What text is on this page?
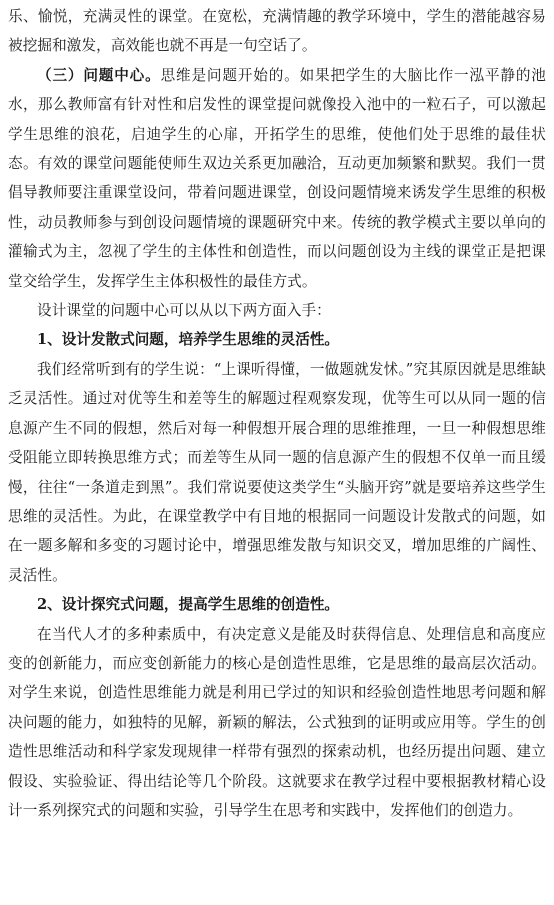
乐、愉悦，充满灵性的课堂。在宽松，充满情趣的教学环境中，学生的潜能越容易被挖掘和激发，高效能也就不再是一句空话了。

（三）问题中心。思维是问题开始的。如果把学生的大脑比作一泓平静的池水，那么教师富有针对性和启发性的课堂提问就像投入池中的一粒石子，可以激起学生思维的浪花，启迪学生的心扉，开拓学生的思维，使他们处于思维的最佳状态。有效的课堂问题能使师生双边关系更加融洽，互动更加频繁和默契。我们一贯倡导教师要注重课堂设问，带着问题进课堂，创设问题情境来诱发学生思维的积极性，动员教师参与到创设问题情境的课题研究中来。传统的教学模式主要以单向的灌输式为主，忽视了学生的主体性和创造性，而以问题创设为主线的课堂正是把课堂交给学生，发挥学生主体积极性的最佳方式。

设计课堂的问题中心可以从以下两方面入手：

1、设计发散式问题，培养学生思维的灵活性。

我们经常听到有的学生说：“上课听得懂，一做题就发怵。”究其原因就是思维缺乏灵活性。通过对优等生和差等生的解题过程观察发现，优等生可以从同一题的信息源产生不同的假想，然后对每一种假想开展合理的思维推理，一旦一种假想思维受阻能立即转换思维方式；而差等生从同一题的信息源产生的假想不仅单一而且缓慢，往往“一条道走到黑”。我们常说要使这类学生“头脑开窍”就是要培养这些学生思维的灵活性。为此，在课堂教学中有目地的根据同一问题设计发散式的问题，如在一题多解和多变的习题讨论中，增强思维发散与知识交叉，增加思维的广阔性、灵活性。

2、设计探究式问题，提高学生思维的创造性。

在当代人才的多种素质中，有决定意义是能及时获得信息、处理信息和高度应变的创新能力，而应变创新能力的核心是创造性思维，它是思维的最高层次活动。对学生来说，创造性思维能力就是利用已学过的知识和经验创造性地思考问题和解决问题的能力，如独特的见解，新颖的解法，公式独到的证明或应用等。学生的创造性思维活动和科学家发现规律一样带有强烈的探索动机，也经历提出问题、建立假设、实验验证、得出结论等几个阶段。这就要求在教学过程中要根据教材精心设计一系列探究式的问题和实验，引导学生在思考和实践中，发挥他们的创造力。
